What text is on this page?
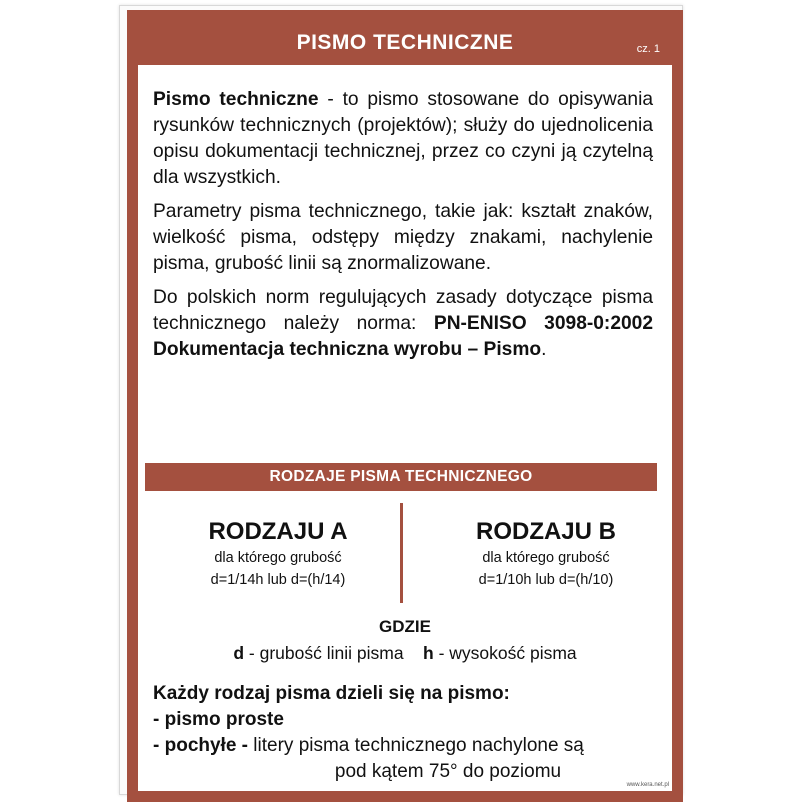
PISMO TECHNICZNE	cz. 1

Pismo techniczne - to pismo stosowane do opisywania rysunków technicznych (projektów); służy do ujednolicenia opisu dokumentacji technicznej, przez co czyni ją czytelną dla wszystkich.

Parametry pisma technicznego, takie jak: kształt znaków, wielkość pisma, odstępy między znakami, nachylenie pisma, grubość linii są znormalizowane.

Do polskich norm regulujących zasady dotyczące pisma technicznego należy norma: PN-ENISO 3098-0:2002 Dokumentacja techniczna wyrobu – Pismo.

RODZAJE PISMA TECHNICZNEGO
RODZAJU A
dla którego grubość
d=1/14h lub d=(h/14)
RODZAJU B
dla którego grubość
d=1/10h lub d=(h/10)
GDZIE
d - grubość linii pisma h - wysokość pisma
Każdy rodzaj pisma dzieli się na pismo:
- pismo proste
- pochyłe - litery pisma technicznego nachylone są
pod kątem 75° do poziomu
www.kera.net.pl
